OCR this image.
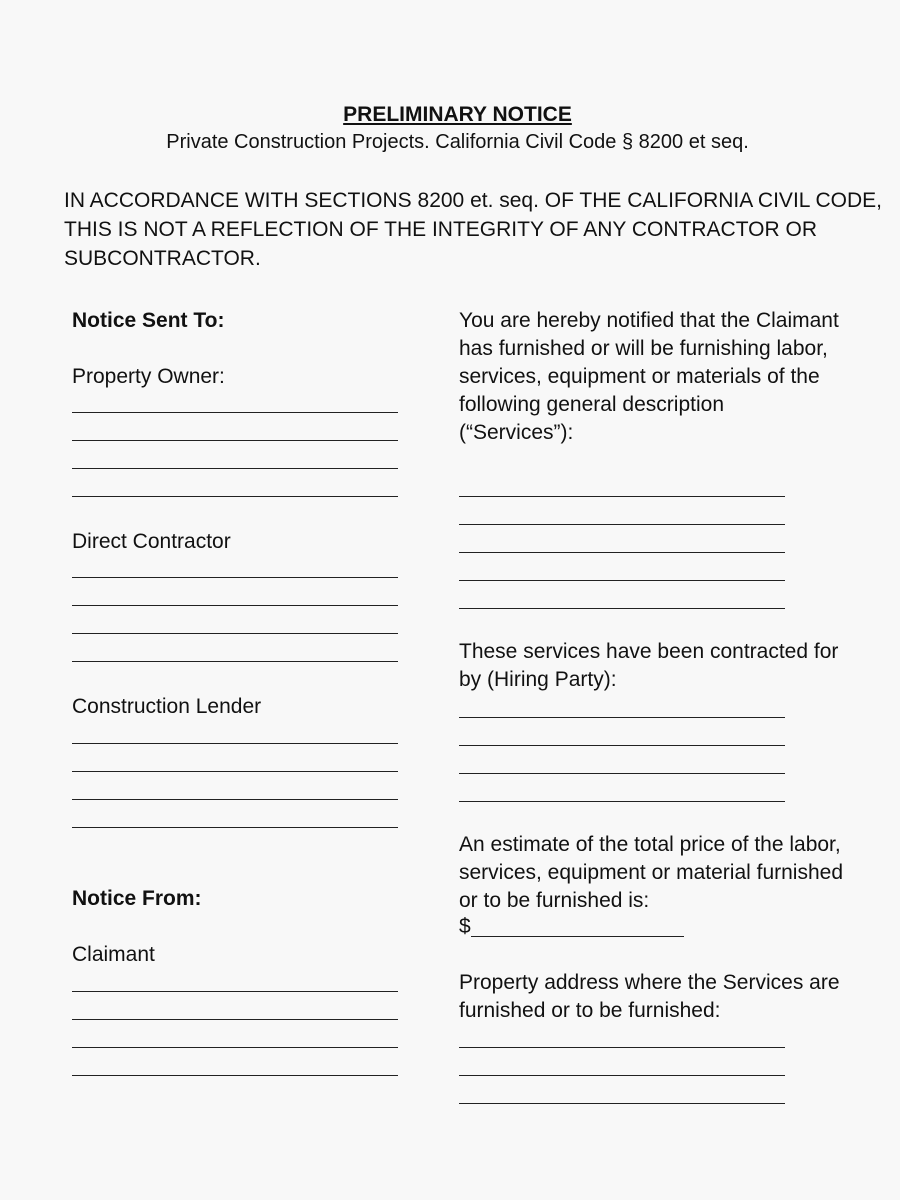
PRELIMINARY NOTICE
Private Construction Projects. California Civil Code § 8200 et seq.
IN ACCORDANCE WITH SECTIONS 8200 et. seq. OF THE CALIFORNIA CIVIL CODE,
THIS IS NOT A REFLECTION OF THE INTEGRITY OF ANY CONTRACTOR OR
SUBCONTRACTOR.
Notice Sent To:
Property Owner:
Direct Contractor
Construction Lender
Notice From:
Claimant
You are hereby notified that the Claimant
has furnished or will be furnishing labor,
services, equipment or materials of the
following general description
(“Services”):
These services have been contracted for
by (Hiring Party):
An estimate of the total price of the labor,
services, equipment or material furnished
or to be furnished is:
$
Property address where the Services are
furnished or to be furnished:
